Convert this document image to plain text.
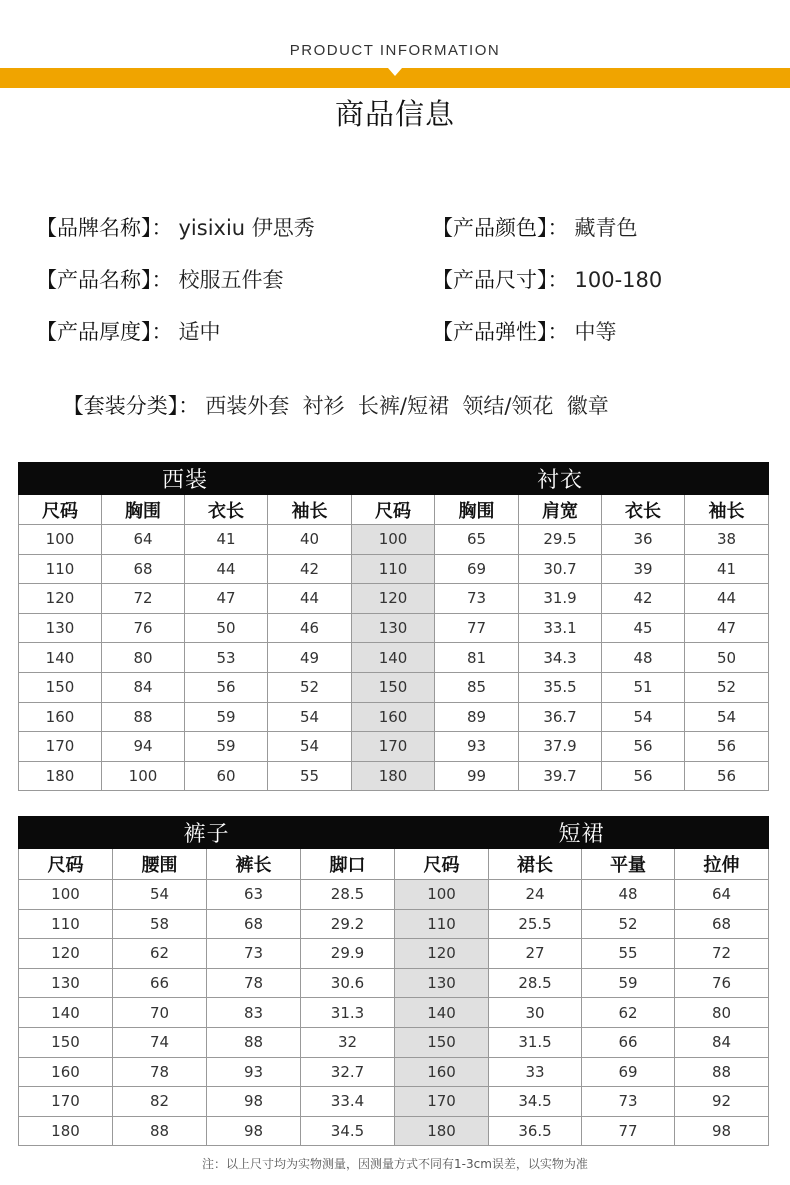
PRODUCT INFORMATION
商品信息
【品牌名称】： yisixiu 伊思秀	【产品颜色】： 藏青色
【产品名称】： 校服五件套	【产品尺寸】： 100-180
【产品厚度】： 适中	【产品弹性】： 中等

【套装分类】： 西装外套  衬衫  长裤/短裙  领结/领花  徽章

西装				衬衣				
尺码	胸围	衣长	袖长	尺码	胸围	肩宽	衣长	袖长
100	64	41	40	100	65	29.5	36	38
110	68	44	42	110	69	30.7	39	41
120	72	47	44	120	73	31.9	42	44
130	76	50	46	130	77	33.1	45	47
140	80	53	49	140	81	34.3	48	50
150	84	56	52	150	85	35.5	51	52
160	88	59	54	160	89	36.7	54	54
170	94	59	54	170	93	37.9	56	56
180	100	60	55	180	99	39.7	56	56
裤子				短裙			
尺码	腰围	裤长	脚口	尺码	裙长	平量	拉伸
100	54	63	28.5	100	24	48	64
110	58	68	29.2	110	25.5	52	68
120	62	73	29.9	120	27	55	72
130	66	78	30.6	130	28.5	59	76
140	70	83	31.3	140	30	62	80
150	74	88	32	150	31.5	66	84
160	78	93	32.7	160	33	69	88
170	82	98	33.4	170	34.5	73	92
180	88	98	34.5	180	36.5	77	98
注：以上尺寸均为实物测量，因测量方式不同有1-3cm误差，以实物为准
